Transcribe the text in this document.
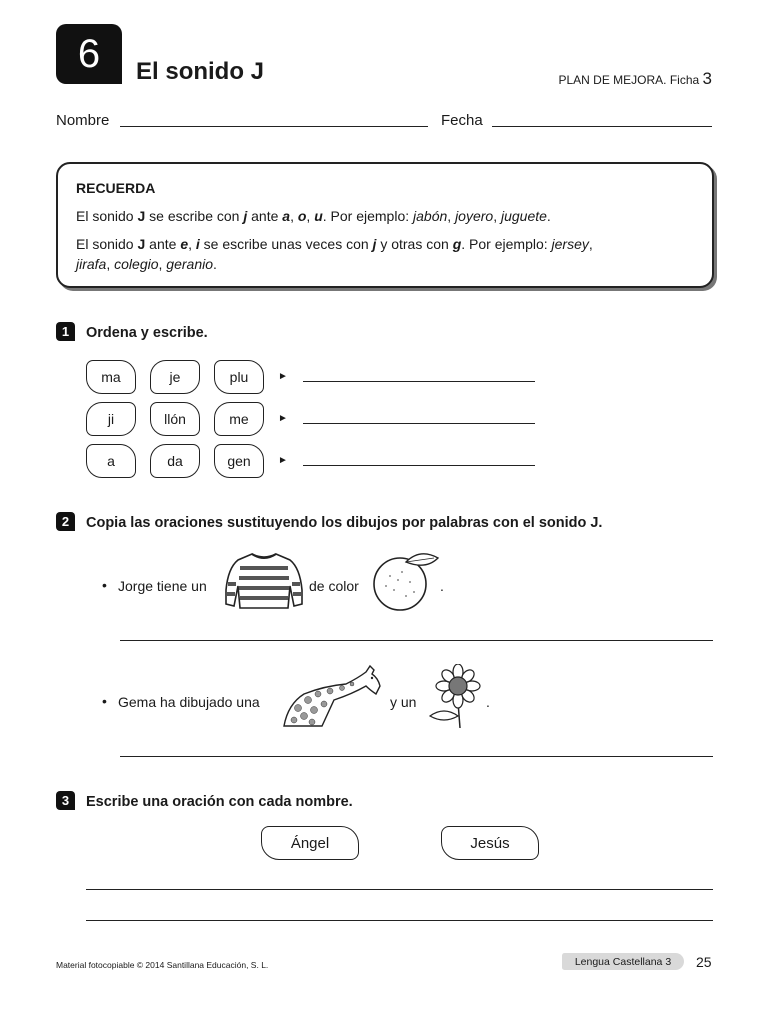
6	El sonido J	PLAN DE MEJORA. Ficha 3
Nombre	Fecha
RECUERDA
El sonido J se escribe con j ante a, o, u. Por ejemplo: jabón, joyero, juguete.
El sonido J ante e, i se escribe unas veces con j y otras con g. Por ejemplo: jersey,
jirafa, colegio, geranio.
1	Ordena y escribe.
ma	je	plu	►
ji	llón	me	►
a	da	gen	►
2	Copia las oraciones sustituyendo los dibujos por palabras con el sonido J.
• Jorge tiene un	de color	.
• Gema ha dibujado una	y un	.
3	Escribe una oración con cada nombre.
Ángel	Jesús
Material fotocopiable © 2014 Santillana Educación, S. L.	Lengua Castellana 3	25
